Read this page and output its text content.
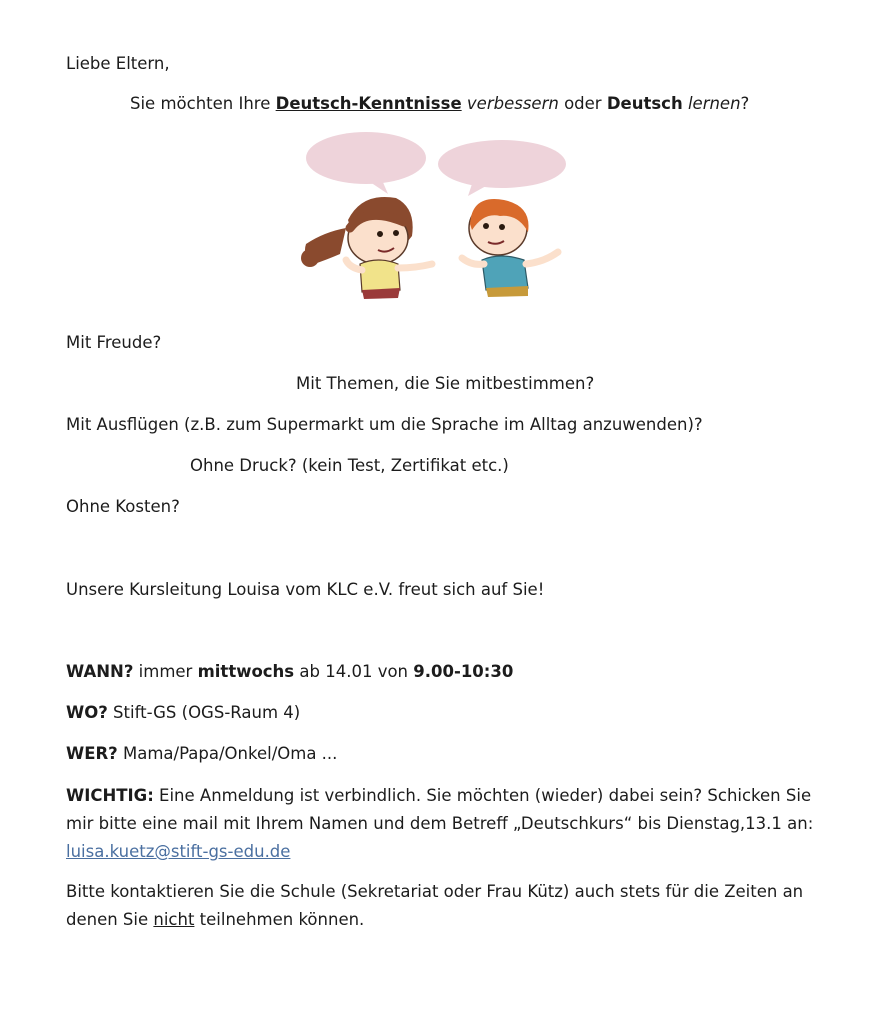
Liebe Eltern,
Sie möchten Ihre Deutsch-Kenntnisse verbessern oder Deutsch lernen?
Mit Freude?
Mit Themen, die Sie mitbestimmen?
Mit Ausflügen (z.B. zum Supermarkt um die Sprache im Alltag anzuwenden)?
Ohne Druck? (kein Test, Zertifikat etc.)
Ohne Kosten?
Unsere Kursleitung Louisa vom KLC e.V. freut sich auf Sie!
WANN? immer mittwochs ab 14.01 von 9.00-10:30
WO? Stift-GS (OGS-Raum 4)
WER? Mama/Papa/Onkel/Oma ...
WICHTIG: Eine Anmeldung ist verbindlich. Sie möchten (wieder) dabei sein? Schicken Sie mir bitte eine mail mit Ihrem Namen und dem Betreff „Deutschkurs“ bis Dienstag,13.1 an: luisa.kuetz@stift-gs-edu.de
Bitte kontaktieren Sie die Schule (Sekretariat oder Frau Kütz) auch stets für die Zeiten an denen Sie nicht teilnehmen können.
